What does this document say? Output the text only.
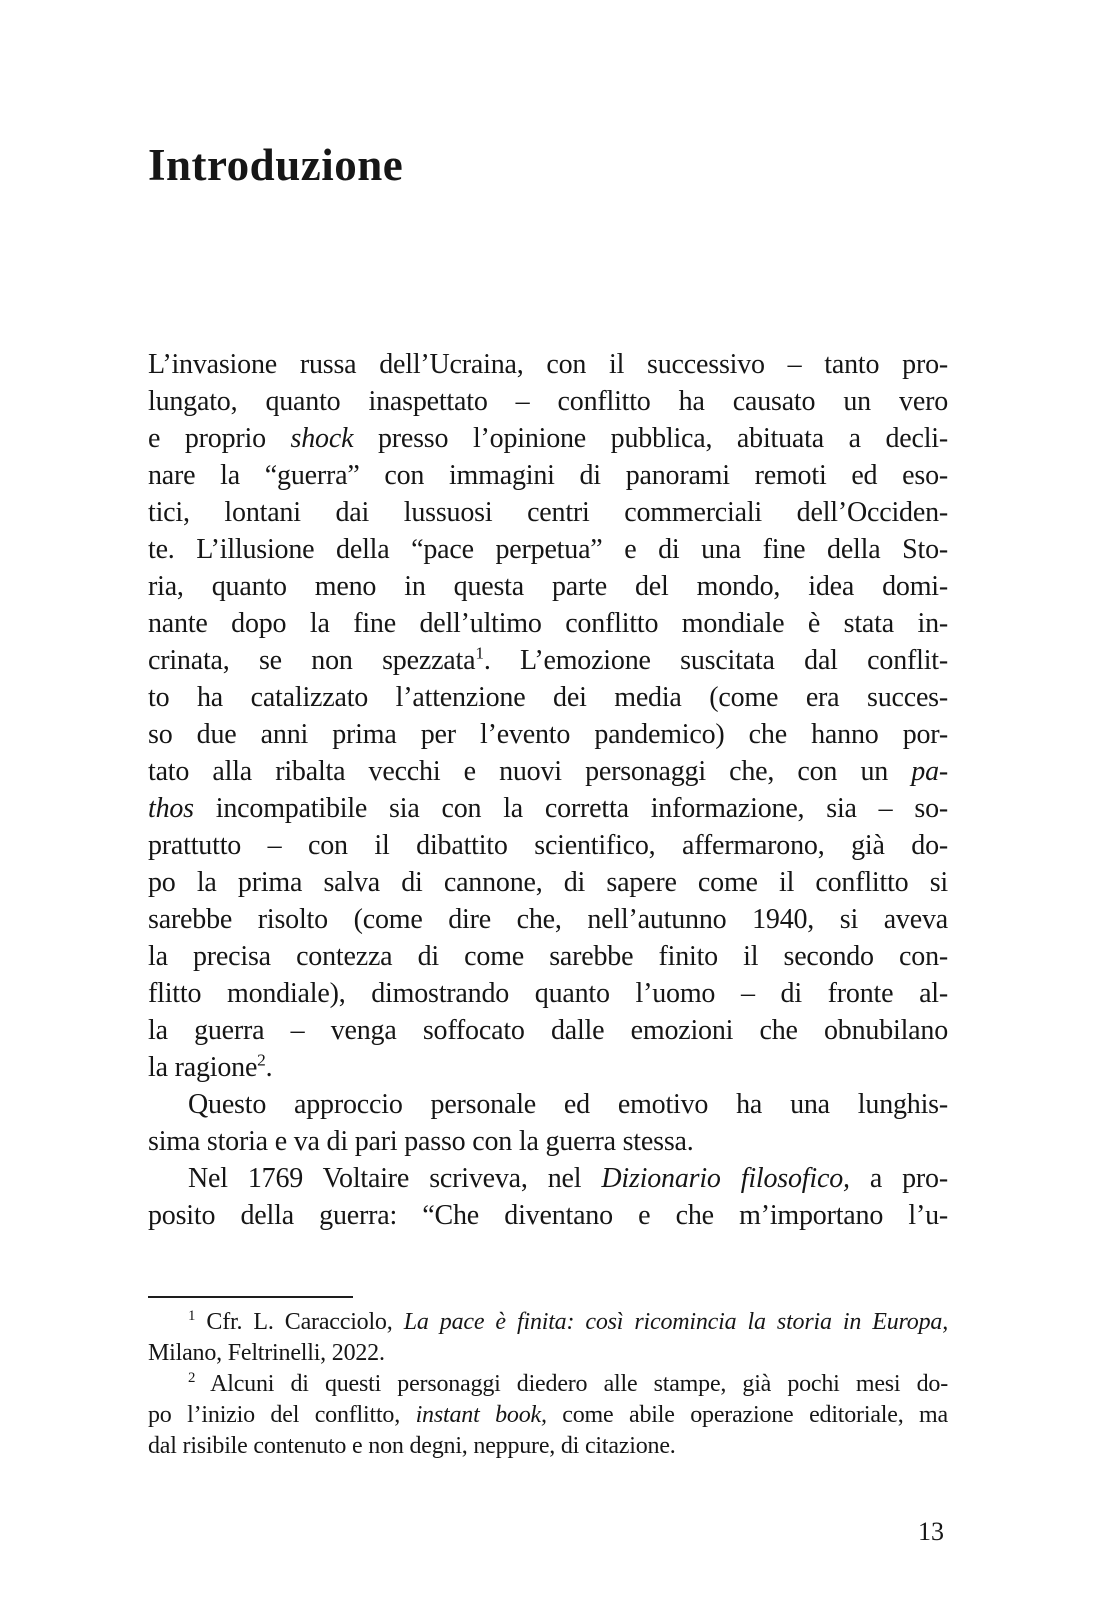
Introduzione
L’invasione russa dell’Ucraina, con il successivo – tanto pro-
lungato, quanto inaspettato – conflitto ha causato un vero
e proprio shock presso l’opinione pubblica, abituata a decli-
nare la “guerra” con immagini di panorami remoti ed eso-
tici, lontani dai lussuosi centri commerciali dell’Occiden-
te. L’illusione della “pace perpetua” e di una fine della Sto-
ria, quanto meno in questa parte del mondo, idea domi-
nante dopo la fine dell’ultimo conflitto mondiale è stata in-
crinata, se non spezzata$^1$. L’emozione suscitata dal conflit-
to ha catalizzato l’attenzione dei media (come era succes-
so due anni prima per l’evento pandemico) che hanno por-
tato alla ribalta vecchi e nuovi personaggi che, con un pa-
thos incompatibile sia con la corretta informazione, sia – so-
prattutto – con il dibattito scientifico, affermarono, già do-
po la prima salva di cannone, di sapere come il conflitto si
sarebbe risolto (come dire che, nell’autunno 1940, si aveva
la precisa contezza di come sarebbe finito il secondo con-
flitto mondiale), dimostrando quanto l’uomo – di fronte al-
la guerra – venga soffocato dalle emozioni che obnubilano
la ragione$^2$.
Questo approccio personale ed emotivo ha una lunghis-
sima storia e va di pari passo con la guerra stessa.
Nel 1769 Voltaire scriveva, nel Dizionario filosofico, a pro-
posito della guerra: “Che diventano e che m’importano l’u-
$^1$ Cfr. L. Caracciolo, La pace è finita: così ricomincia la storia in Europa,
Milano, Feltrinelli, 2022.
$^2$ Alcuni di questi personaggi diedero alle stampe, già pochi mesi do-
po l’inizio del conflitto, instant book, come abile operazione editoriale, ma
dal risibile contenuto e non degni, neppure, di citazione.
13
